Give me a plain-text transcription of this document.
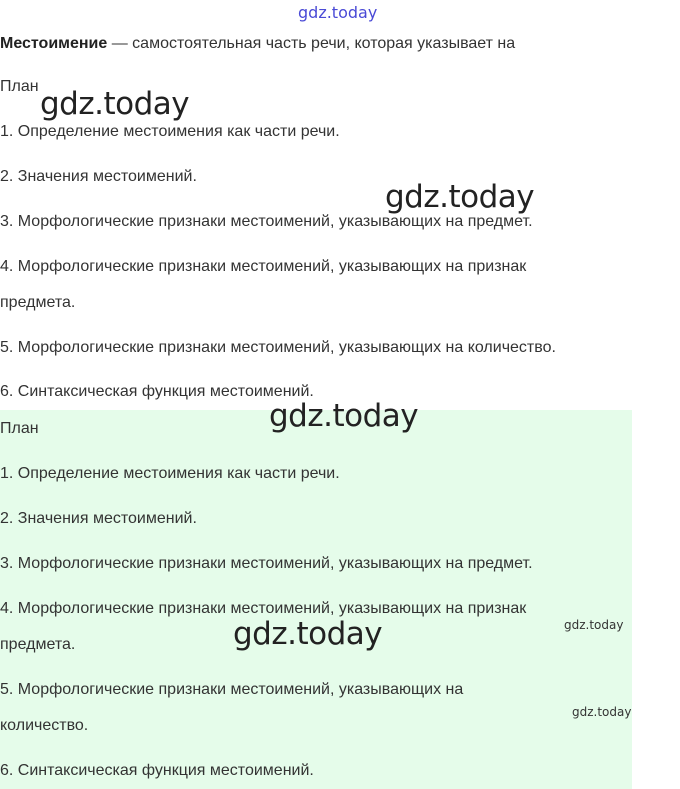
gdz.today
Местоимение — самостоятельная часть речи, которая указывает на
План
1. Определение местоимения как части речи.
2. Значения местоимений.
3. Морфологические признаки местоимений, указывающих на предмет.
4. Морфологические признаки местоимений, указывающих на признак
предмета.
5. Морфологические признаки местоимений, указывающих на количество.
6. Синтаксическая функция местоимений.
План
1. Определение местоимения как части речи.
2. Значения местоимений.
3. Морфологические признаки местоимений, указывающих на предмет.
4. Морфологические признаки местоимений, указывающих на признак
предмета.
5. Морфологические признаки местоимений, указывающих на
количество.
6. Синтаксическая функция местоимений.
gdz.today
gdz.today
gdz.today
gdz.today	gdz.today
gdz.today
